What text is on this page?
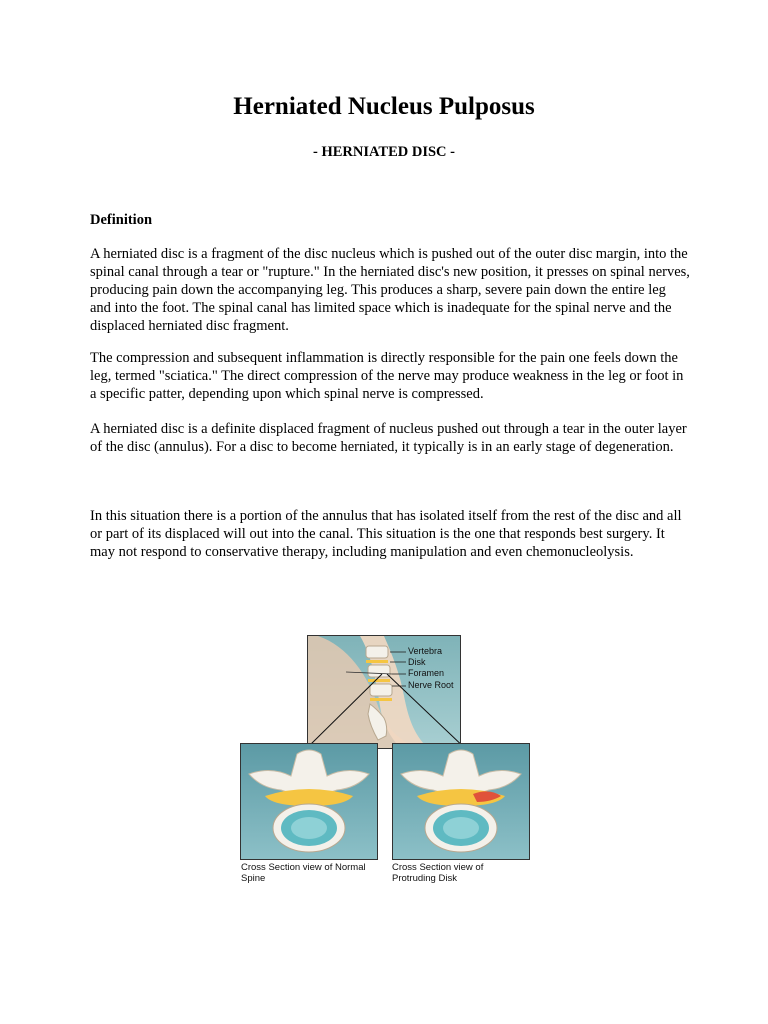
Herniated Nucleus Pulposus

- HERNIATED DISC -

Definition

A herniated disc is a fragment of the disc nucleus which is pushed out of the outer disc margin, into the spinal canal through a tear or "rupture." In the herniated disc's new position, it presses on spinal nerves, producing pain down the accompanying leg. This produces a sharp, severe pain down the entire leg and into the foot. The spinal canal has limited space which is inadequate for the spinal nerve and the displaced herniated disc fragment.

The compression and subsequent inflammation is directly responsible for the pain one feels down the leg, termed "sciatica." The direct compression of the nerve may produce weakness in the leg or foot in a specific patter, depending upon which spinal nerve is compressed.

A herniated disc is a definite displaced fragment of nucleus pushed out through a tear in the outer layer of the disc (annulus). For a disc to become herniated, it typically is in an early stage of degeneration.

In this situation there is a portion of the annulus that has isolated itself from the rest of the disc and all or part of its displaced will out into the canal. This situation is the one that responds best surgery. It may not respond to conservative therapy, including manipulation and even chemonucleolysis.

Vertebra
Disk
Foramen
Nerve Root
Cross Section view of Normal Spine
Cross Section view of Protruding Disk
